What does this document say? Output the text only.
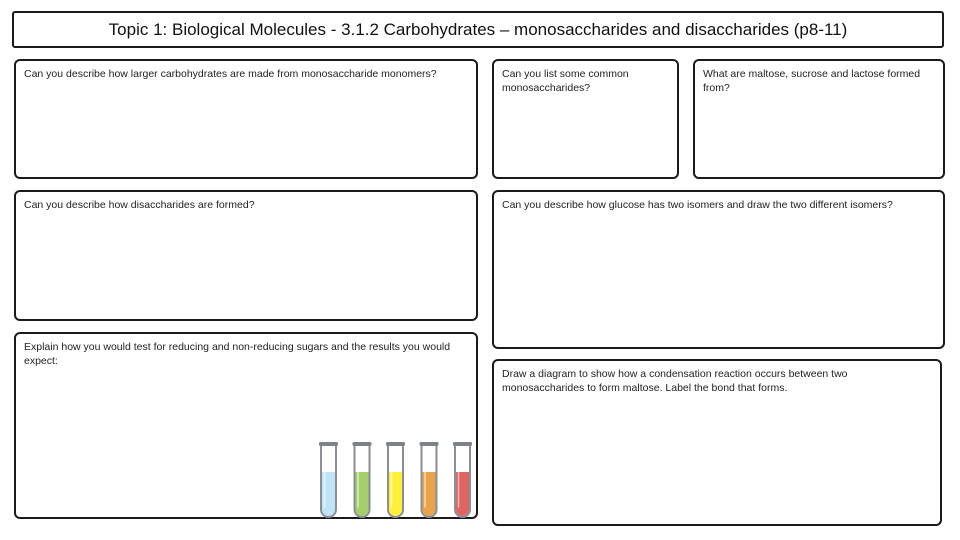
Topic 1: Biological Molecules - 3.1.2 Carbohydrates – monosaccharides and disaccharides (p8-11)
Can you describe how larger carbohydrates are made from monosaccharide monomers?	Can you list some common monosaccharides?
What are maltose, sucrose and lactose formed from?
Can you describe how disaccharides are formed?	Can you describe how glucose has two isomers and draw the two different isomers?
Explain how you would test for reducing and non-reducing sugars and the results you would expect:
Draw a diagram to show how a condensation reaction occurs between two monosaccharides to form maltose. Label the bond that forms.
